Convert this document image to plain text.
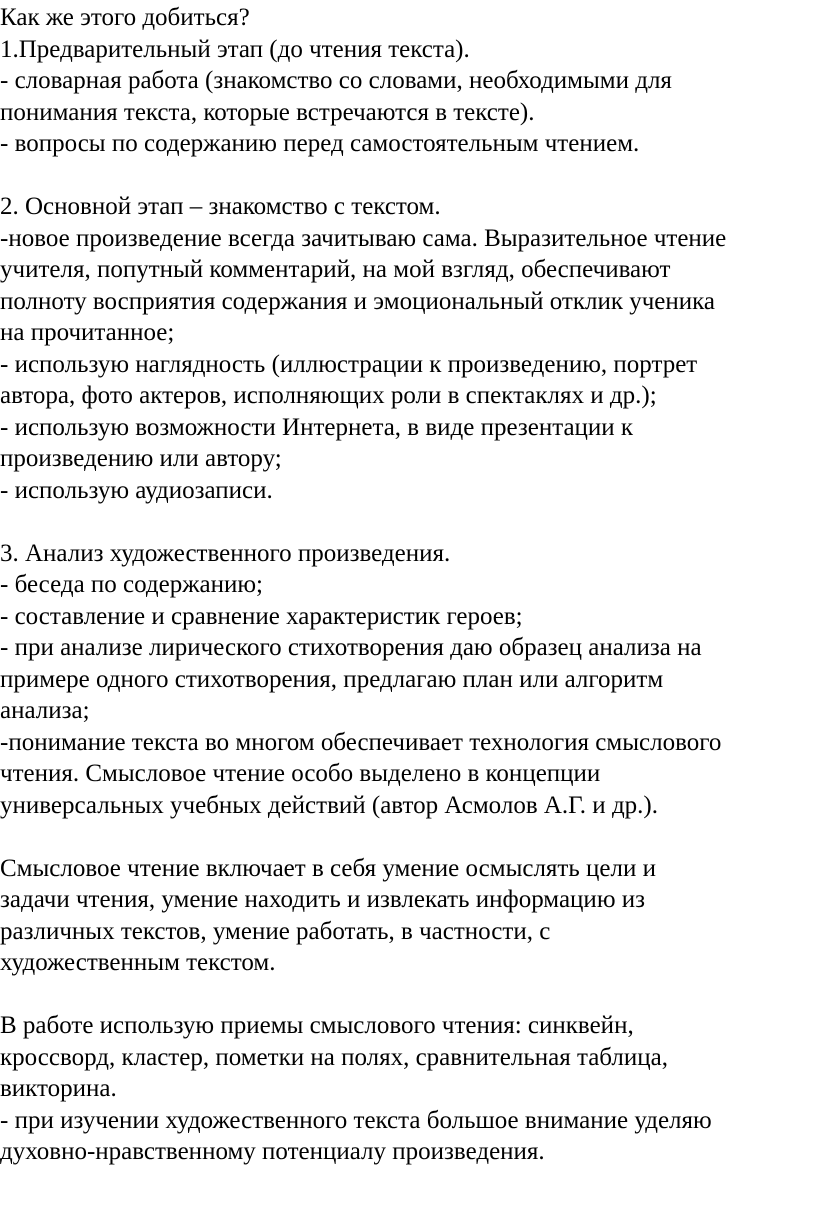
Как же этого добиться?
1.Предварительный этап (до чтения текста).
- словарная работа (знакомство со словами, необходимыми для
понимания текста, которые встречаются в тексте).
- вопросы по содержанию перед самостоятельным чтением.
2. Основной этап – знакомство с текстом.
-новое произведение всегда зачитываю сама. Выразительное чтение
учителя, попутный комментарий, на мой взгляд, обеспечивают
полноту восприятия содержания и эмоциональный отклик ученика
на прочитанное;
- использую наглядность (иллюстрации к произведению, портрет
автора, фото актеров, исполняющих роли в спектаклях и др.);
- использую возможности Интернета, в виде презентации к
произведению или автору;
- использую аудиозаписи.
3. Анализ художественного произведения.
- беседа по содержанию;
- составление и сравнение характеристик героев;
- при анализе лирического стихотворения даю образец анализа на
примере одного стихотворения, предлагаю план или алгоритм
анализа;
-понимание текста во многом обеспечивает технология смыслового
чтения. Смысловое чтение особо выделено в концепции
универсальных учебных действий (автор Асмолов А.Г. и др.).
Смысловое чтение включает в себя умение осмыслять цели и
задачи чтения, умение находить и извлекать информацию из
различных текстов, умение работать, в частности, с
художественным текстом.
В работе использую приемы смыслового чтения: синквейн,
кроссворд, кластер, пометки на полях, сравнительная таблица,
викторина.
- при изучении художественного текста большое внимание уделяю
духовно-нравственному потенциалу произведения.
